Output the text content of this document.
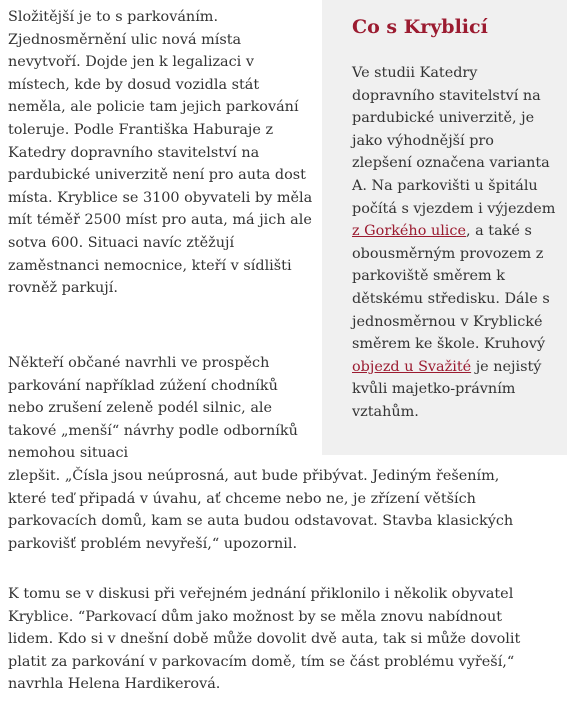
Co s Kryblicí

Ve studii Katedry dopravního stavitelství na pardubické univerzitě, je jako výhodnější pro zlepšení označena varianta A. Na parkovišti u špitálu počítá s vjezdem i výjezdem z Gorkého ulice, a také s obousměrným provozem z parkoviště směrem k dětskému středisku. Dále s jednosměrnou v Kryblické směrem ke škole. Kruhový objezd u Svažité je nejistý kvůli majetko-právním vztahům.

Složitější je to s parkováním. Zjednosměrnění ulic nová místa nevytvoří. Dojde jen k legalizaci v místech, kde by dosud vozidla stát neměla, ale policie tam jejich parkování toleruje. Podle Františka Haburaje z Katedry dopravního stavitelství na pardubické univerzitě není pro auta dost místa. Kryblice se 3100 obyvateli by měla mít téměř 2500 míst pro auta, má jich ale sotva 600. Situaci navíc ztěžují zaměstnanci nemocnice, kteří v sídlišti rovněž parkují.

Někteří občané navrhli ve prospěch parkování například zúžení chodníků nebo zrušení zeleně podél silnic, ale takové „menší“ návrhy podle odborníků nemohou situaci

zlepšit. „Čísla jsou neúprosná, aut bude přibývat. Jediným řešením, které teď připadá v úvahu, ať chceme nebo ne, je zřízení větších parkovacích domů, kam se auta budou odstavovat. Stavba klasických parkovišť problém nevyřeší,“ upozornil.

K tomu se v diskusi při veřejném jednání přiklonilo i několik obyvatel Kryblice. “Parkovací dům jako možnost by se měla znovu nabídnout lidem. Kdo si v dnešní době může dovolit dvě auta, tak si může dovolit platit za parkování v parkovacím domě, tím se část problému vyřeší,“ navrhla Helena Hardikerová.
